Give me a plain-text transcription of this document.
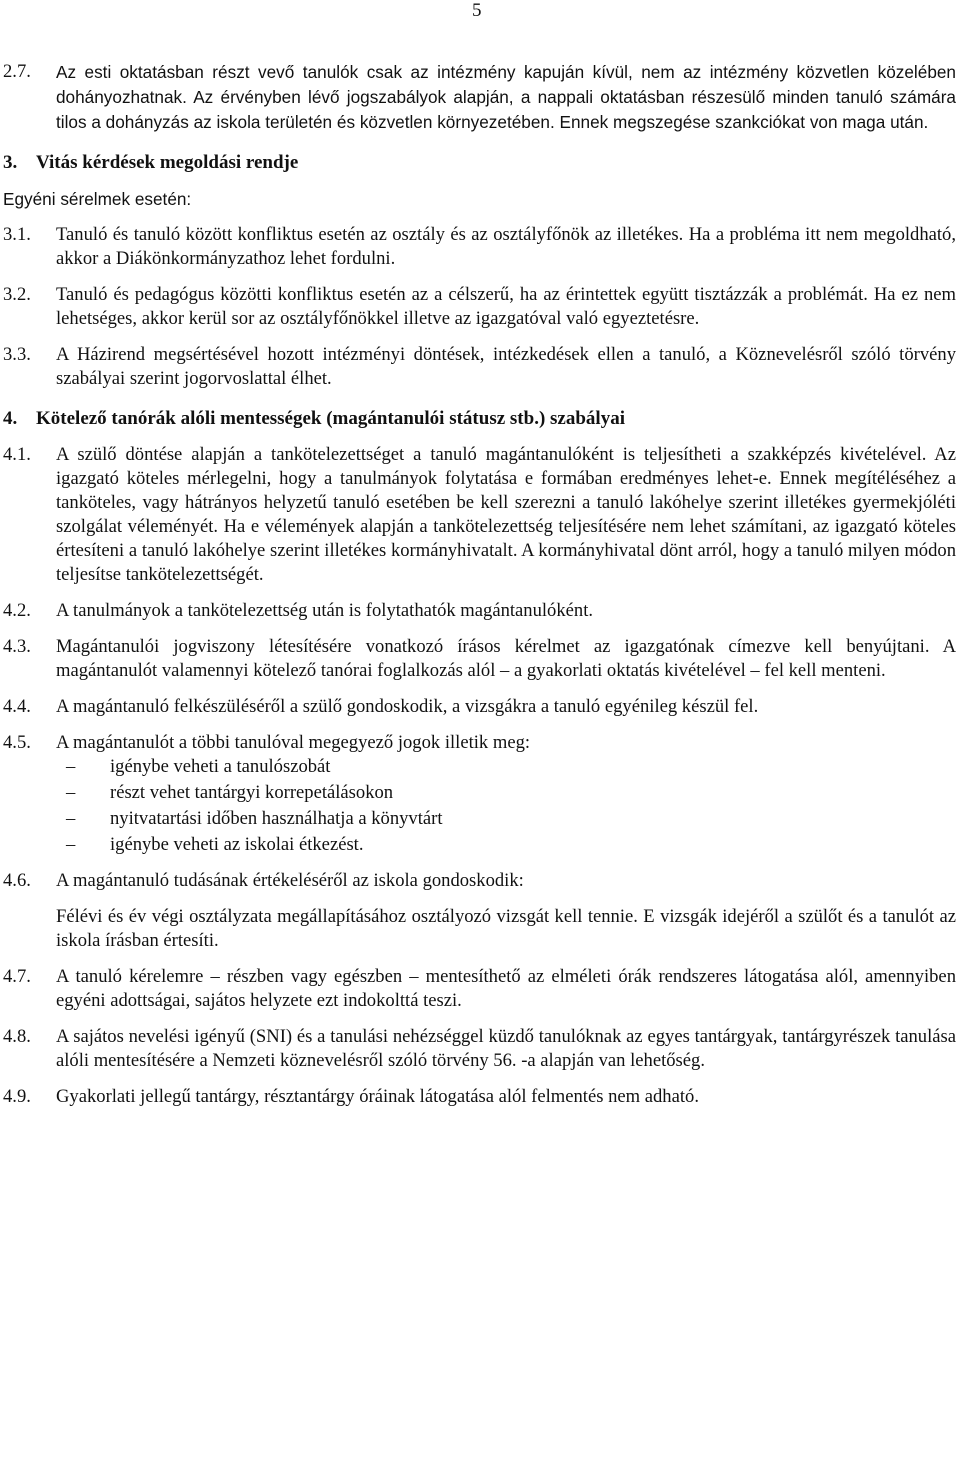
5
2.7. Az esti oktatásban részt vevő tanulók csak az intézmény kapuján kívül, nem az intézmény közvetlen közelében dohányozhatnak. Az érvényben lévő jogszabályok alapján, a nappali oktatásban részesülő minden tanuló számára tilos a dohányzás az iskola területén és közvetlen környezetében. Ennek megszegése szankciókat von maga után.
3. Vitás kérdések megoldási rendje
Egyéni sérelmek esetén:
3.1. Tanuló és tanuló között konfliktus esetén az osztály és az osztályfőnök az illetékes. Ha a probléma itt nem megoldható, akkor a Diákönkormányzathoz lehet fordulni.
3.2. Tanuló és pedagógus közötti konfliktus esetén az a célszerű, ha az érintettek együtt tisztázzák a problémát. Ha ez nem lehetséges, akkor kerül sor az osztályfőnökkel illetve az igazgatóval való egyeztetésre.
3.3. A Házirend megsértésével hozott intézményi döntések, intézkedések ellen a tanuló, a Köznevelésről szóló törvény szabályai szerint jogorvoslattal élhet.
4. Kötelező tanórák alóli mentességek (magántanulói státusz stb.) szabályai
4.1. A szülő döntése alapján a tankötelezettséget a tanuló magántanulóként is teljesítheti a szakképzés kivételével. Az igazgató köteles mérlegelni, hogy a tanulmányok folytatása e formában eredményes lehet-e. Ennek megítéléséhez a tanköteles, vagy hátrányos helyzetű tanuló esetében be kell szerezni a tanuló lakóhelye szerint illetékes gyermekjóléti szolgálat véleményét. Ha e vélemények alapján a tankötelezettség teljesítésére nem lehet számítani, az igazgató köteles értesíteni a tanuló lakóhelye szerint illetékes kormányhivatalt. A kormányhivatal dönt arról, hogy a tanuló milyen módon teljesítse tankötelezettségét.
4.2. A tanulmányok a tankötelezettség után is folytathatók magántanulóként.
4.3. Magántanulói jogviszony létesítésére vonatkozó írásos kérelmet az igazgatónak címezve kell benyújtani. A magántanulót valamennyi kötelező tanórai foglalkozás alól – a gyakorlati oktatás kivételével – fel kell menteni.
4.4. A magántanuló felkészüléséről a szülő gondoskodik, a vizsgákra a tanuló egyénileg készül fel.
4.5. A magántanulót a többi tanulóval megegyező jogok illetik meg:
– igénybe veheti a tanulószobát
– részt vehet tantárgyi korrepetálásokon
– nyitvatartási időben használhatja a könyvtárt
– igénybe veheti az iskolai étkezést.
4.6. A magántanuló tudásának értékeléséről az iskola gondoskodik:
Félévi és év végi osztályzata megállapításához osztályozó vizsgát kell tennie. E vizsgák idejéről a szülőt és a tanulót az iskola írásban értesíti.
4.7. A tanuló kérelemre – részben vagy egészben – mentesíthető az elméleti órák rendszeres látogatása alól, amennyiben egyéni adottságai, sajátos helyzete ezt indokolttá teszi.
4.8. A sajátos nevelési igényű (SNI) és a tanulási nehézséggel küzdő tanulóknak az egyes tantárgyak, tantárgyrészek tanulása alóli mentesítésére a Nemzeti köznevelésről szóló törvény 56. -a alapján van lehetőség.
4.9. Gyakorlati jellegű tantárgy, résztantárgy óráinak látogatása alól felmentés nem adható.
